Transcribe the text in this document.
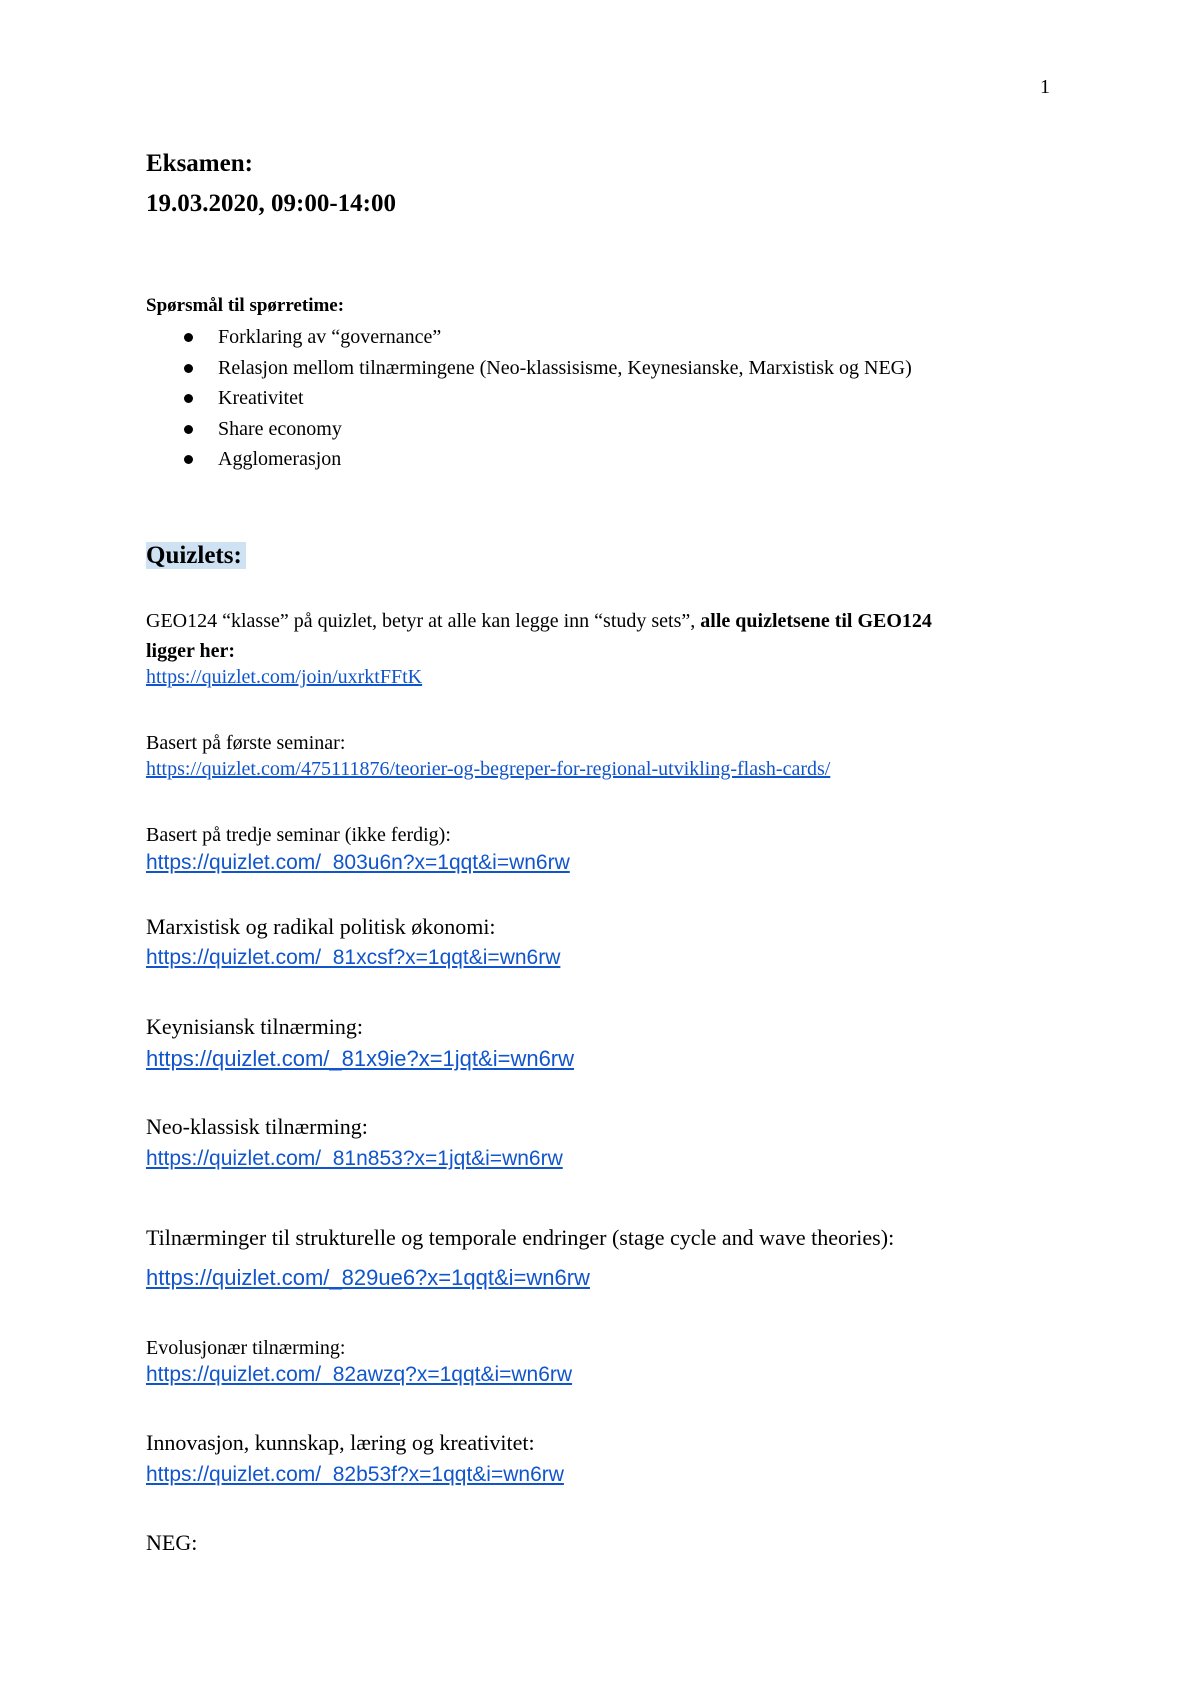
1
Eksamen:
19.03.2020, 09:00-14:00
Spørsmål til spørretime:
Forklaring av “governance”
Relasjon mellom tilnærmingene (Neo-klassisisme, Keynesianske, Marxistisk og NEG)
Kreativitet
Share economy
Agglomerasjon
Quizlets:
GEO124 “klasse” på quizlet, betyr at alle kan legge inn “study sets”, alle quizletsene til GEO124
ligger her:
https://quizlet.com/join/uxrktFFtK
Basert på første seminar:
https://quizlet.com/475111876/teorier-og-begreper-for-regional-utvikling-flash-cards/
Basert på tredje seminar (ikke ferdig):
https://quizlet.com/_803u6n?x=1qqt&i=wn6rw
Marxistisk og radikal politisk økonomi:
https://quizlet.com/_81xcsf?x=1qqt&i=wn6rw
Keynisiansk tilnærming:
https://quizlet.com/_81x9ie?x=1jqt&i=wn6rw
Neo-klassisk tilnærming:
https://quizlet.com/_81n853?x=1jqt&i=wn6rw
Tilnærminger til strukturelle og temporale endringer (stage cycle and wave theories):
https://quizlet.com/_829ue6?x=1qqt&i=wn6rw
Evolusjonær tilnærming:
https://quizlet.com/_82awzq?x=1qqt&i=wn6rw
Innovasjon, kunnskap, læring og kreativitet:
https://quizlet.com/_82b53f?x=1qqt&i=wn6rw
NEG:
